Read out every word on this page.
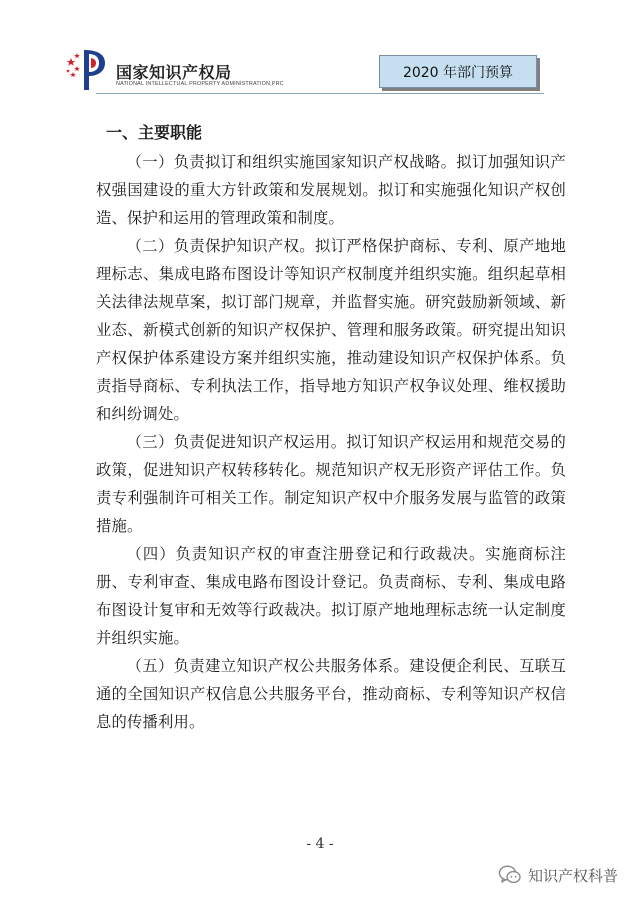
国家知识产权局
NATIONAL INTELLECTUAL PROPERTY ADMINISTRATION,PRC
2020 年部门预算
一、主要职能

（一）负责拟订和组织实施国家知识产权战略。拟订加强知识产权强国建设的重大方针政策和发展规划。拟订和实施强化知识产权创造、保护和运用的管理政策和制度。

（二）负责保护知识产权。拟订严格保护商标、专利、原产地地理标志、集成电路布图设计等知识产权制度并组织实施。组织起草相关法律法规草案，拟订部门规章，并监督实施。研究鼓励新领域、新业态、新模式创新的知识产权保护、管理和服务政策。研究提出知识产权保护体系建设方案并组织实施，推动建设知识产权保护体系。负责指导商标、专利执法工作，指导地方知识产权争议处理、维权援助和纠纷调处。

（三）负责促进知识产权运用。拟订知识产权运用和规范交易的政策，促进知识产权转移转化。规范知识产权无形资产评估工作。负责专利强制许可相关工作。制定知识产权中介服务发展与监管的政策措施。

（四）负责知识产权的审查注册登记和行政裁决。实施商标注册、专利审查、集成电路布图设计登记。负责商标、专利、集成电路布图设计复审和无效等行政裁决。拟订原产地地理标志统一认定制度并组织实施。

（五）负责建立知识产权公共服务体系。建设便企利民、互联互通的全国知识产权信息公共服务平台，推动商标、专利等知识产权信息的传播利用。

- 4 -
知识产权科普
